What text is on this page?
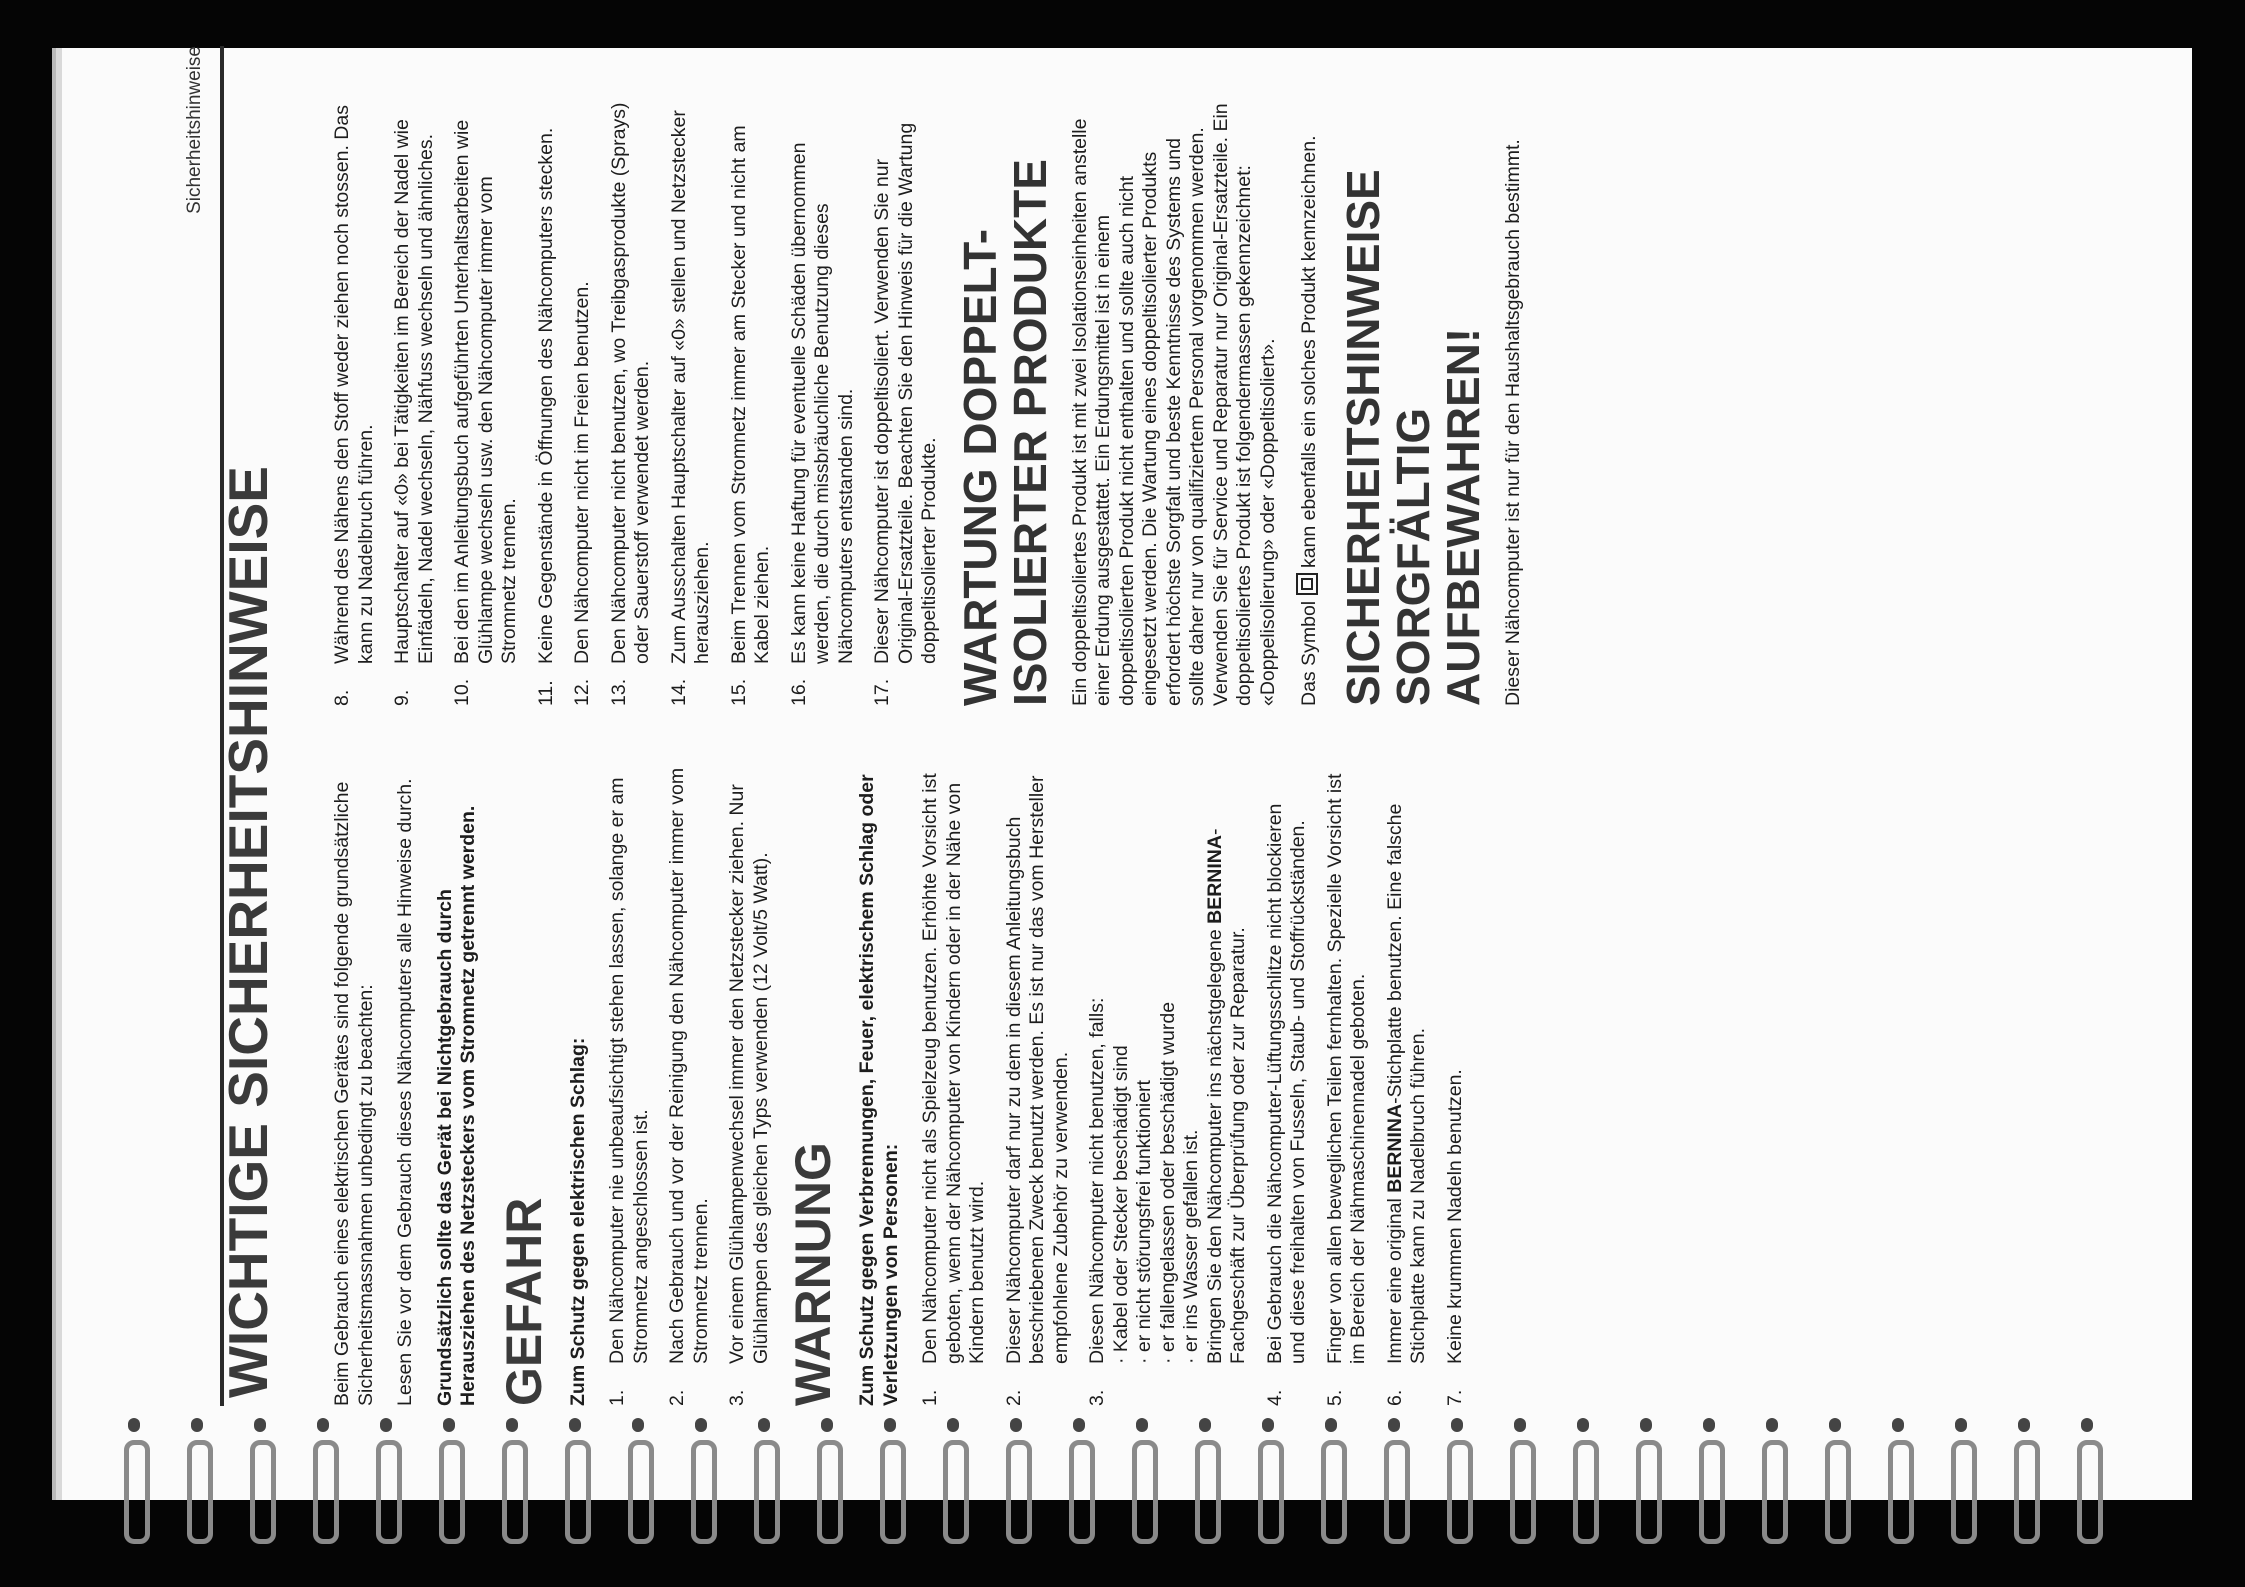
Sicherheitshinweise
WICHTIGE SICHERHEITSHINWEISE	Beim Gebrauch eines elektrischen Gerätes sind folgende grundsätzliche Sicherheitsmassnahmen unbedingt zu beachten: Lesen Sie vor dem Gebrauch dieses Nähcomputers alle Hinweise durch. Grundsätzlich sollte das Gerät bei Nichtgebrauch durch Herausziehen des Netzsteckers vom Stromnetz getrennt werden. GEFAHR Zum Schutz gegen elektrischen Schlag: 1.
Den Nähcomputer nie unbeaufsichtigt stehen lassen, solange er am Stromnetz angeschlossen ist.
2.
Nach Gebrauch und vor der Reinigung den Nähcomputer immer vom Stromnetz trennen.
3.
Vor einem Glühlampenwechsel immer den Netzstecker ziehen. Nur Glühlampen des gleichen Typs verwenden (12 Volt/5 Watt). WARNUNG Zum Schutz gegen Verbrennungen, Feuer, elektrischem Schlag oder Verletzungen von Personen: 1.
Den Nähcomputer nicht als Spielzeug benutzen. Erhöhte Vorsicht ist geboten, wenn der Nähcomputer von Kindern oder in der Nähe von Kindern benutzt wird.
2.
Dieser Nähcomputer darf nur zu dem in diesem Anleitungsbuch beschriebenen Zweck benutzt werden. Es ist nur das vom Hersteller empfohlene Zubehör zu verwenden.
3.
Diesen Nähcomputer nicht benutzen, falls: · Kabel oder Stecker beschädigt sind · er nicht störungsfrei funktioniert · er fallengelassen oder beschädigt wurde · er ins Wasser gefallen ist. Bringen Sie den Nähcomputer ins nächstgelegene BERNINA-Fachgeschäft zur Überprüfung oder zur Reparatur.
4.
Bei Gebrauch die Nähcomputer-Lüftungsschlitze nicht blockieren und diese freihalten von Fusseln, Staub- und Stoffrückständen.
5.
Finger von allen beweglichen Teilen fernhalten. Spezielle Vorsicht ist im Bereich der Nähmaschinennadel geboten.
6.
Immer eine original BERNINA-Stichplatte benutzen. Eine falsche Stichplatte kann zu Nadelbruch führen.
7.
Keine krummen Nadeln benutzen.
8.
Während des Nähens den Stoff weder ziehen noch stossen. Das kann zu Nadelbruch führen.
9.
Hauptschalter auf «0» bei Tätigkeiten im Bereich der Nadel wie Einfädeln, Nadel wechseln, Nähfuss wechseln und ähnliches.
10.
Bei den im Anleitungsbuch aufgeführten Unterhaltsarbeiten wie Glühlampe wechseln usw. den Nähcomputer immer vom Stromnetz trennen.
11.
Keine Gegenstände in Öffnungen des Nähcomputers stecken.
12.
Den Nähcomputer nicht im Freien benutzen.
13.
Den Nähcomputer nicht benutzen, wo Treibgasprodukte (Sprays) oder Sauerstoff verwendet werden.
14.
Zum Ausschalten Hauptschalter auf «0» stellen und Netzstecker herausziehen.
15.
Beim Trennen vom Stromnetz immer am Stecker und nicht am Kabel ziehen.
16.
Es kann keine Haftung für eventuelle Schäden übernommen werden, die durch missbräuchliche Benutzung dieses Nähcomputers entstanden sind.
17.
Dieser Nähcomputer ist doppeltisoliert. Verwenden Sie nur Original-Ersatzteile. Beachten Sie den Hinweis für die Wartung doppeltisolierter Produkte. WARTUNG DOPPELT-
ISOLIERTER PRODUKTE Ein doppeltisoliertes Produkt ist mit zwei Isolationseinheiten anstelle einer Erdung ausgestattet. Ein Erdungsmittel ist in einem doppeltisolierten Produkt nicht enthalten und sollte auch nicht eingesetzt werden. Die Wartung eines doppeltisolierter Produkts erfordert höchste Sorgfalt und beste Kenntnisse des Systems und sollte daher nur von qualifiziertem Personal vorgenommen werden. Verwenden Sie für Service und Reparatur nur Original-Ersatzteile. Ein doppeltisoliertes Produkt ist folgendermassen gekennzeichnet: «Doppelisolierung» oder «Doppeltisoliert». Das Symbol  kann ebenfalls ein solches Produkt kennzeichnen. SICHERHEITSHINWEISE
SORGFÄLTIG
AUFBEWAHREN! Dieser Nähcomputer ist nur für den Haushaltsgebrauch bestimmt.
